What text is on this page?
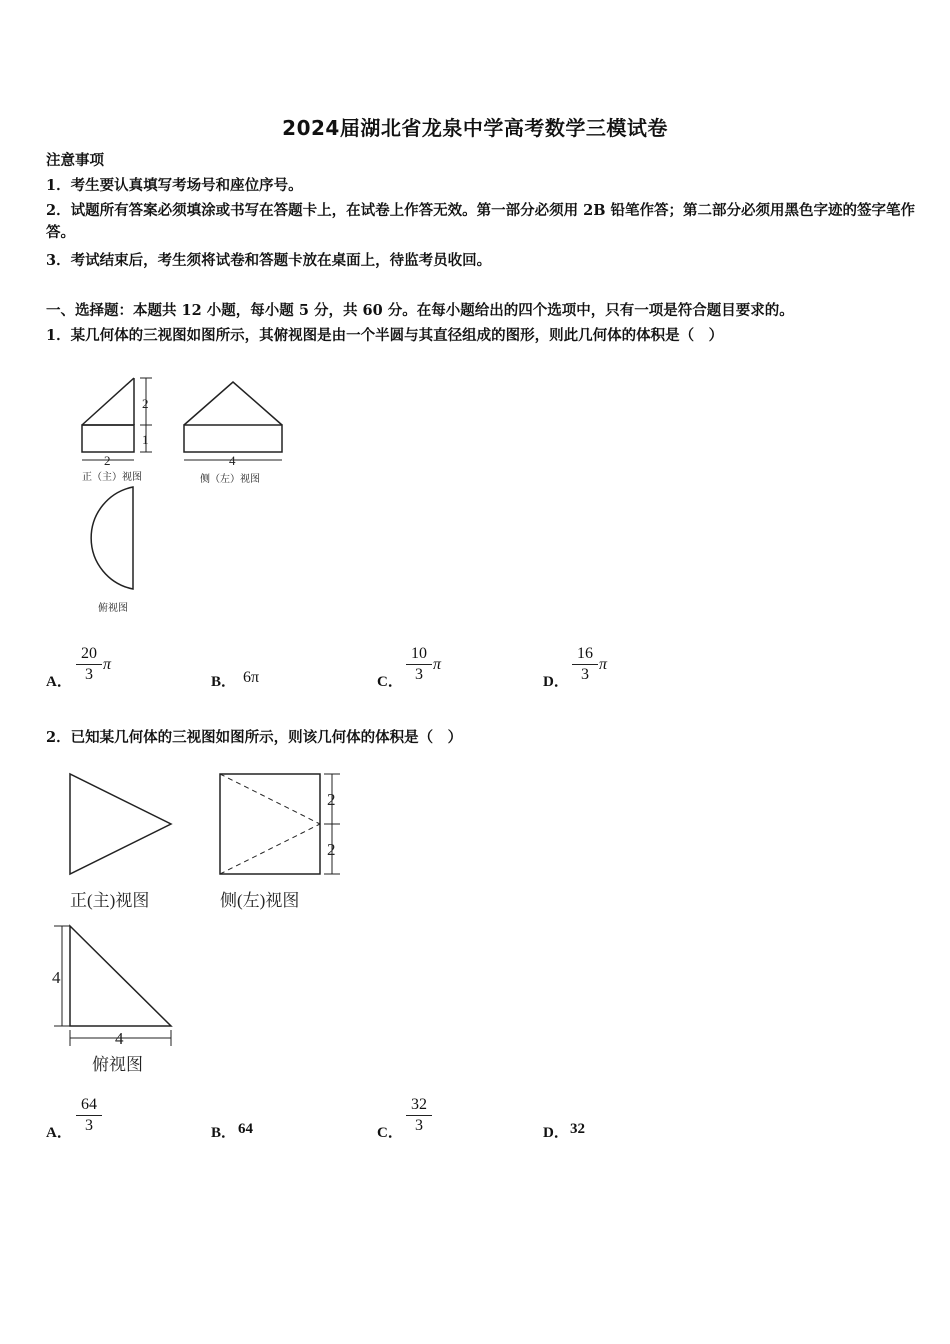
2024届湖北省龙泉中学高考数学三模试卷
注意事项
1．考生要认真填写考场号和座位序号。
2．试题所有答案必须填涂或书写在答题卡上，在试卷上作答无效。第一部分必须用 2B 铅笔作答；第二部分必须用黑色字迹的签字笔作答。
3．考试结束后，考生须将试卷和答题卡放在桌面上，待监考员收回。
一、选择题：本题共 12 小题，每小题 5 分，共 60 分。在每小题给出的四个选项中，只有一项是符合题目要求的。
1．某几何体的三视图如图所示，其俯视图是由一个半圆与其直径组成的图形，则此几何体的体积是（　）
2
1
2	4
正（主）视图	侧（左）视图
俯视图
A． $\frac{20}{3}$ π
B． 6π	C． $\frac{10}{3}$ π
D． $\frac{16}{3}$ π
2．已知某几何体的三视图如图所示，则该几何体的体积是（　）
2
2
4
4
正(主)视图	侧(左)视图
俯视图
A． $\frac{64}{3}$	B． 64	C． $\frac{32}{3}$	D． 32
